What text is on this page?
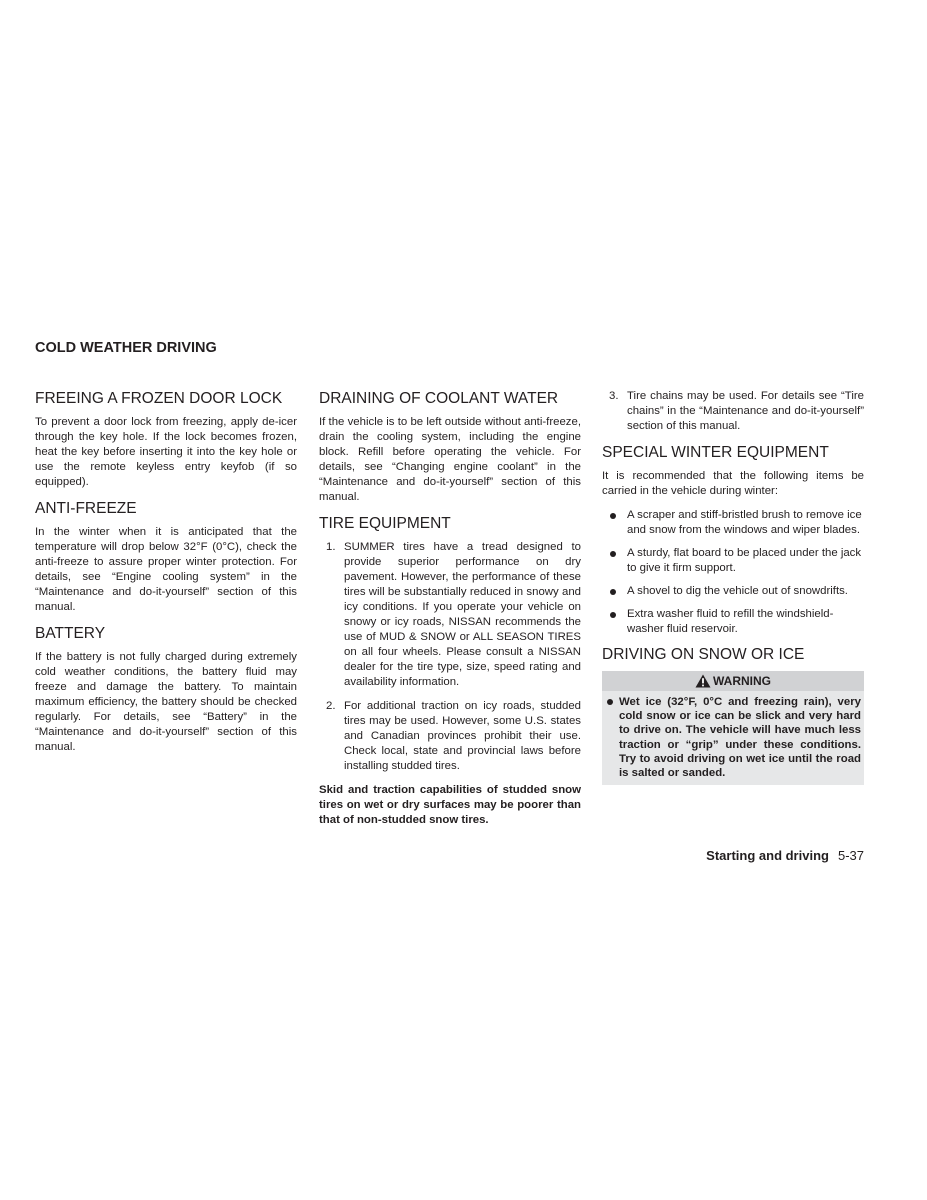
COLD WEATHER DRIVING
FREEING A FROZEN DOOR LOCK

To prevent a door lock from freezing, apply de-icer through the key hole. If the lock becomes frozen, heat the key before inserting it into the key hole or use the remote keyless entry keyfob (if so equipped).

ANTI-FREEZE

In the winter when it is anticipated that the temperature will drop below 32°F (0°C), check the anti-freeze to assure proper winter protection. For details, see “Engine cooling system” in the “Maintenance and do-it-yourself” section of this manual.

BATTERY

If the battery is not fully charged during extremely cold weather conditions, the battery fluid may freeze and damage the battery. To maintain maximum efficiency, the battery should be checked regularly. For details, see “Battery” in the “Maintenance and do-it-yourself” section of this manual.

DRAINING OF COOLANT WATER

If the vehicle is to be left outside without anti-freeze, drain the cooling system, including the engine block. Refill before operating the vehicle. For details, see “Changing engine coolant” in the “Maintenance and do-it-yourself” section of this manual.

TIRE EQUIPMENT
1. SUMMER tires have a tread designed to provide superior performance on dry pavement. However, the performance of these tires will be substantially reduced in snowy and icy conditions. If you operate your vehicle on snowy or icy roads, NISSAN recommends the use of MUD & SNOW or ALL SEASON TIRES on all four wheels. Please consult a NISSAN dealer for the tire type, size, speed rating and availability information.
2. For additional traction on icy roads, studded tires may be used. However, some U.S. states and Canadian provinces prohibit their use. Check local, state and provincial laws before installing studded tires.

Skid and traction capabilities of studded snow tires on wet or dry surfaces may be poorer than that of non-studded snow tires.

3. Tire chains may be used. For details see “Tire chains” in the “Maintenance and do-it-yourself” section of this manual.
SPECIAL WINTER EQUIPMENT

It is recommended that the following items be carried in the vehicle during winter:

A scraper and stiff-bristled brush to remove ice and snow from the windows and wiper blades.
A sturdy, flat board to be placed under the jack to give it firm support.
A shovel to dig the vehicle out of snowdrifts.
Extra washer fluid to refill the windshield-washer fluid reservoir.
DRIVING ON SNOW OR ICE
WARNING
Wet ice (32°F, 0°C and freezing rain), very cold snow or ice can be slick and very hard to drive on. The vehicle will have much less traction or “grip” under these conditions. Try to avoid driving on wet ice until the road is salted or sanded.
Starting and driving 5-37
